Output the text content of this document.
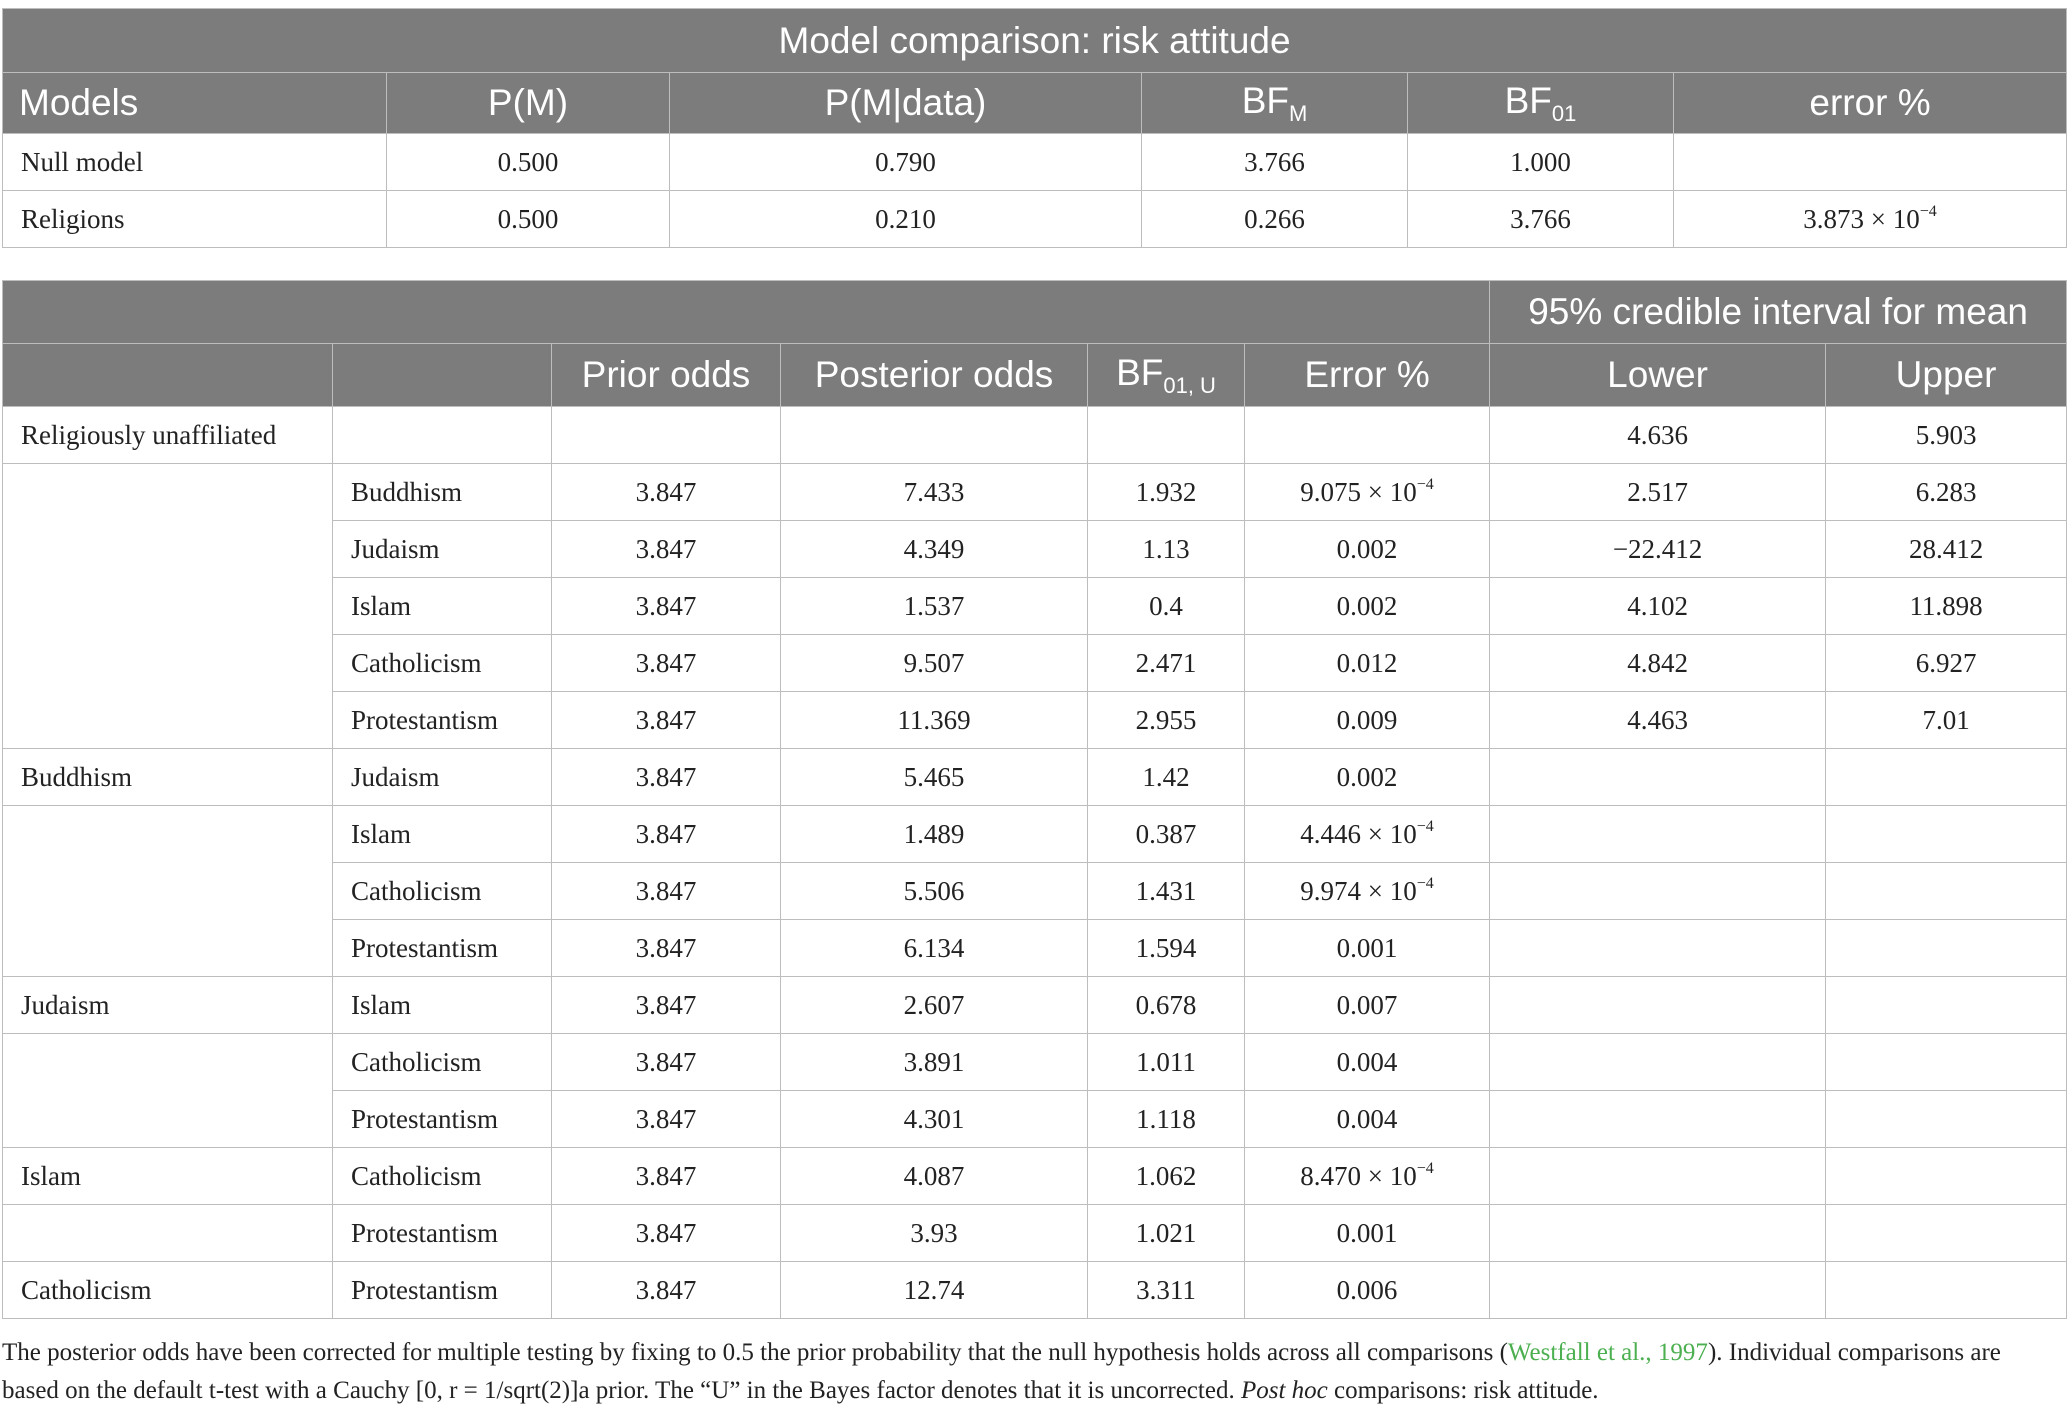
Model comparison: risk attitude					
Models	P(M)	P(M|data)	$BF_M$	$BF_{01}$	error %
Null model	0.500	0.790	3.766	1.000	
Religions	0.500	0.210	0.266	3.766	$3.873 \times 10^{-4}$
						95% credible interval for mean	
		Prior odds	Posterior odds	$BF_{01, U}$	Error %	Lower	Upper
Religiously unaffiliated						4.636	5.903
	Buddhism	3.847	7.433	1.932	$9.075 \times 10^{-4}$	2.517	6.283
	Judaism	3.847	4.349	1.13	0.002	−22.412	28.412
	Islam	3.847	1.537	0.4	0.002	4.102	11.898
	Catholicism	3.847	9.507	2.471	0.012	4.842	6.927
	Protestantism	3.847	11.369	2.955	0.009	4.463	7.01
Buddhism	Judaism	3.847	5.465	1.42	0.002		
	Islam	3.847	1.489	0.387	$4.446 \times 10^{-4}$		
	Catholicism	3.847	5.506	1.431	$9.974 \times 10^{-4}$		
	Protestantism	3.847	6.134	1.594	0.001		
Judaism	Islam	3.847	2.607	0.678	0.007		
	Catholicism	3.847	3.891	1.011	0.004		
	Protestantism	3.847	4.301	1.118	0.004		
Islam	Catholicism	3.847	4.087	1.062	$8.470 \times 10^{-4}$		
	Protestantism	3.847	3.93	1.021	0.001		
Catholicism	Protestantism	3.847	12.74	3.311	0.006		
The posterior odds have been corrected for multiple testing by fixing to 0.5 the prior probability that the null hypothesis holds across all comparisons (Westfall et al., 1997). Individual comparisons are based on the default t-test with a Cauchy [0, r = 1/sqrt(2)]a prior. The “U” in the Bayes factor denotes that it is uncorrected. Post hoc comparisons: risk attitude.
